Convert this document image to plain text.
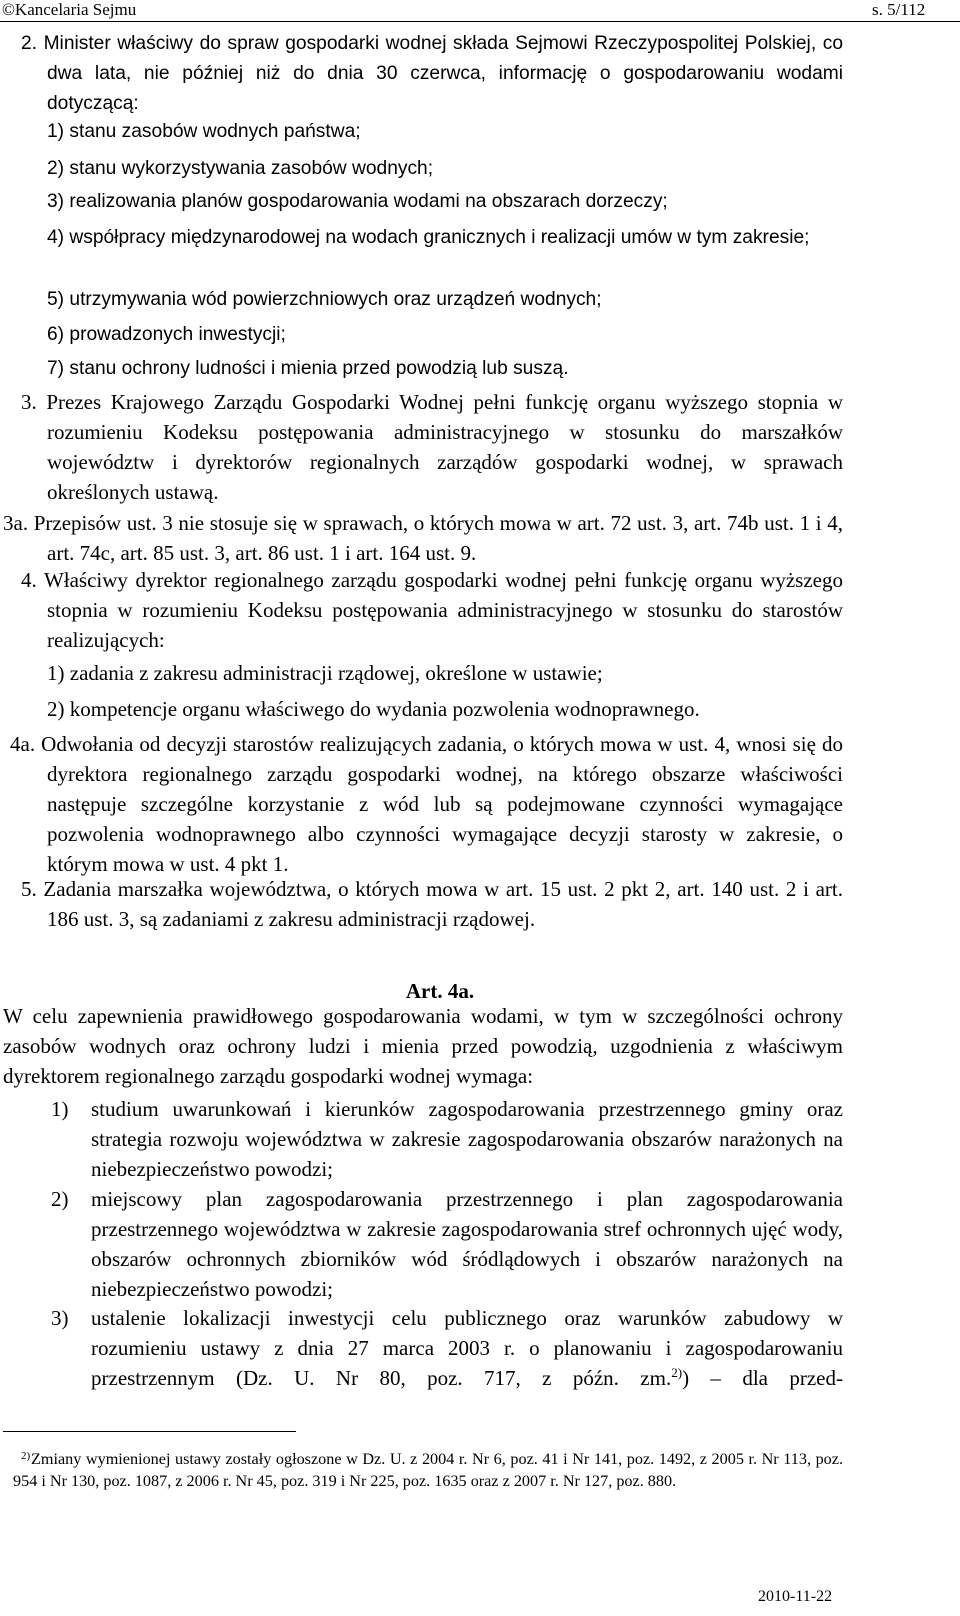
©Kancelaria Sejmu	s. 5/112

2. Minister właściwy do spraw gospodarki wodnej składa Sejmowi Rzeczypospolitej Polskiej, co dwa lata, nie później niż do dnia 30 czerwca, informację o gospodarowaniu wodami dotyczącą:

1) stanu zasobów wodnych państwa;

2) stanu wykorzystywania zasobów wodnych;

3) realizowania planów gospodarowania wodami na obszarach dorzeczy;

4) współpracy międzynarodowej na wodach granicznych i realizacji umów w tym zakresie;

5) utrzymywania wód powierzchniowych oraz urządzeń wodnych;

6) prowadzonych inwestycji;

7) stanu ochrony ludności i mienia przed powodzią lub suszą.

3. Prezes Krajowego Zarządu Gospodarki Wodnej pełni funkcję organu wyższego stopnia w rozumieniu Kodeksu postępowania administracyjnego w stosunku do marszałków województw i dyrektorów regionalnych zarządów gospodarki wodnej, w sprawach określonych ustawą.

3a. Przepisów ust. 3 nie stosuje się w sprawach, o których mowa w art. 72 ust. 3, art. 74b ust. 1 i 4, art. 74c, art. 85 ust. 3, art. 86 ust. 1 i art. 164 ust. 9.

4. Właściwy dyrektor regionalnego zarządu gospodarki wodnej pełni funkcję organu wyższego stopnia w rozumieniu Kodeksu postępowania administracyjnego w stosunku do starostów realizujących:

1) zadania z zakresu administracji rządowej, określone w ustawie;

2) kompetencje organu właściwego do wydania pozwolenia wodnoprawnego.

4a. Odwołania od decyzji starostów realizujących zadania, o których mowa w ust. 4, wnosi się do dyrektora regionalnego zarządu gospodarki wodnej, na którego obszarze właściwości następuje szczególne korzystanie z wód lub są podejmowane czynności wymagające pozwolenia wodnoprawnego albo czynności wymagające decyzji starosty w zakresie, o którym mowa w ust. 4 pkt 1.

5. Zadania marszałka województwa, o których mowa w art. 15 ust. 2 pkt 2, art. 140 ust. 2 i art. 186 ust. 3, są zadaniami z zakresu administracji rządowej.

Art. 4a.

W celu zapewnienia prawidłowego gospodarowania wodami, w tym w szczególności ochrony zasobów wodnych oraz ochrony ludzi i mienia przed powodzią, uzgodnienia z właściwym dyrektorem regionalnego zarządu gospodarki wodnej wymaga:

1) studium uwarunkowań i kierunków zagospodarowania przestrzennego gminy oraz strategia rozwoju województwa w zakresie zagospodarowania obszarów narażonych na niebezpieczeństwo powodzi;
2) miejscowy plan zagospodarowania przestrzennego i plan zagospodarowania przestrzennego województwa w zakresie zagospodarowania stref ochronnych ujęć wody, obszarów ochronnych zbiorników wód śródlądowych i obszarów narażonych na niebezpieczeństwo powodzi;
3) ustalenie lokalizacji inwestycji celu publicznego oraz warunków zabudowy w rozumieniu ustawy z dnia 27 marca 2003 r. o planowaniu i zagospodarowaniu przestrzennym (Dz. U. Nr 80, poz. 717, z późn. zm.$^{2)}$) – dla przed-

2) Zmiany wymienionej ustawy zostały ogłoszone w Dz. U. z 2004 r. Nr 6, poz. 41 i Nr 141, poz. 1492, z 2005 r. Nr 113, poz. 954 i Nr 130, poz. 1087, z 2006 r. Nr 45, poz. 319 i Nr 225, poz. 1635 oraz z 2007 r. Nr 127, poz. 880.

2010-11-22
